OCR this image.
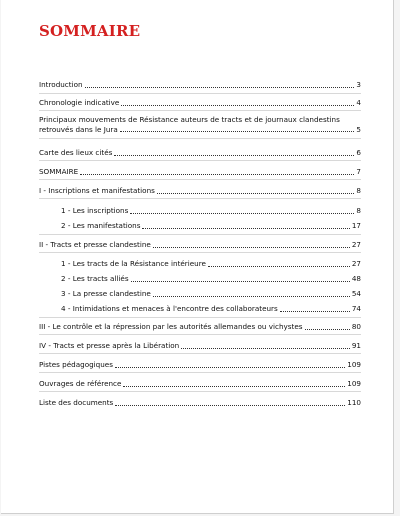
SOMMAIRE
Introduction	3
Chronologie indicative	4
Principaux mouvements de Résistance auteurs de tracts et de journaux clandestins
retrouvés dans le Jura	5
Carte des lieux cités	6
SOMMAIRE	7
I - Inscriptions et manifestations	8
1 - Les inscriptions	8
2 - Les manifestations	17
II - Tracts et presse clandestine	27
1 - Les tracts de la Résistance intérieure	27
2 - Les tracts alliés	48
3 - La presse clandestine	54
4 - Intimidations et menaces à l'encontre des collaborateurs	74
III - Le contrôle et la répression par les autorités allemandes ou vichystes	80
IV - Tracts et presse après la Libération	91
Pistes pédagogiques	109
Ouvrages de référence	109
Liste des documents	110
